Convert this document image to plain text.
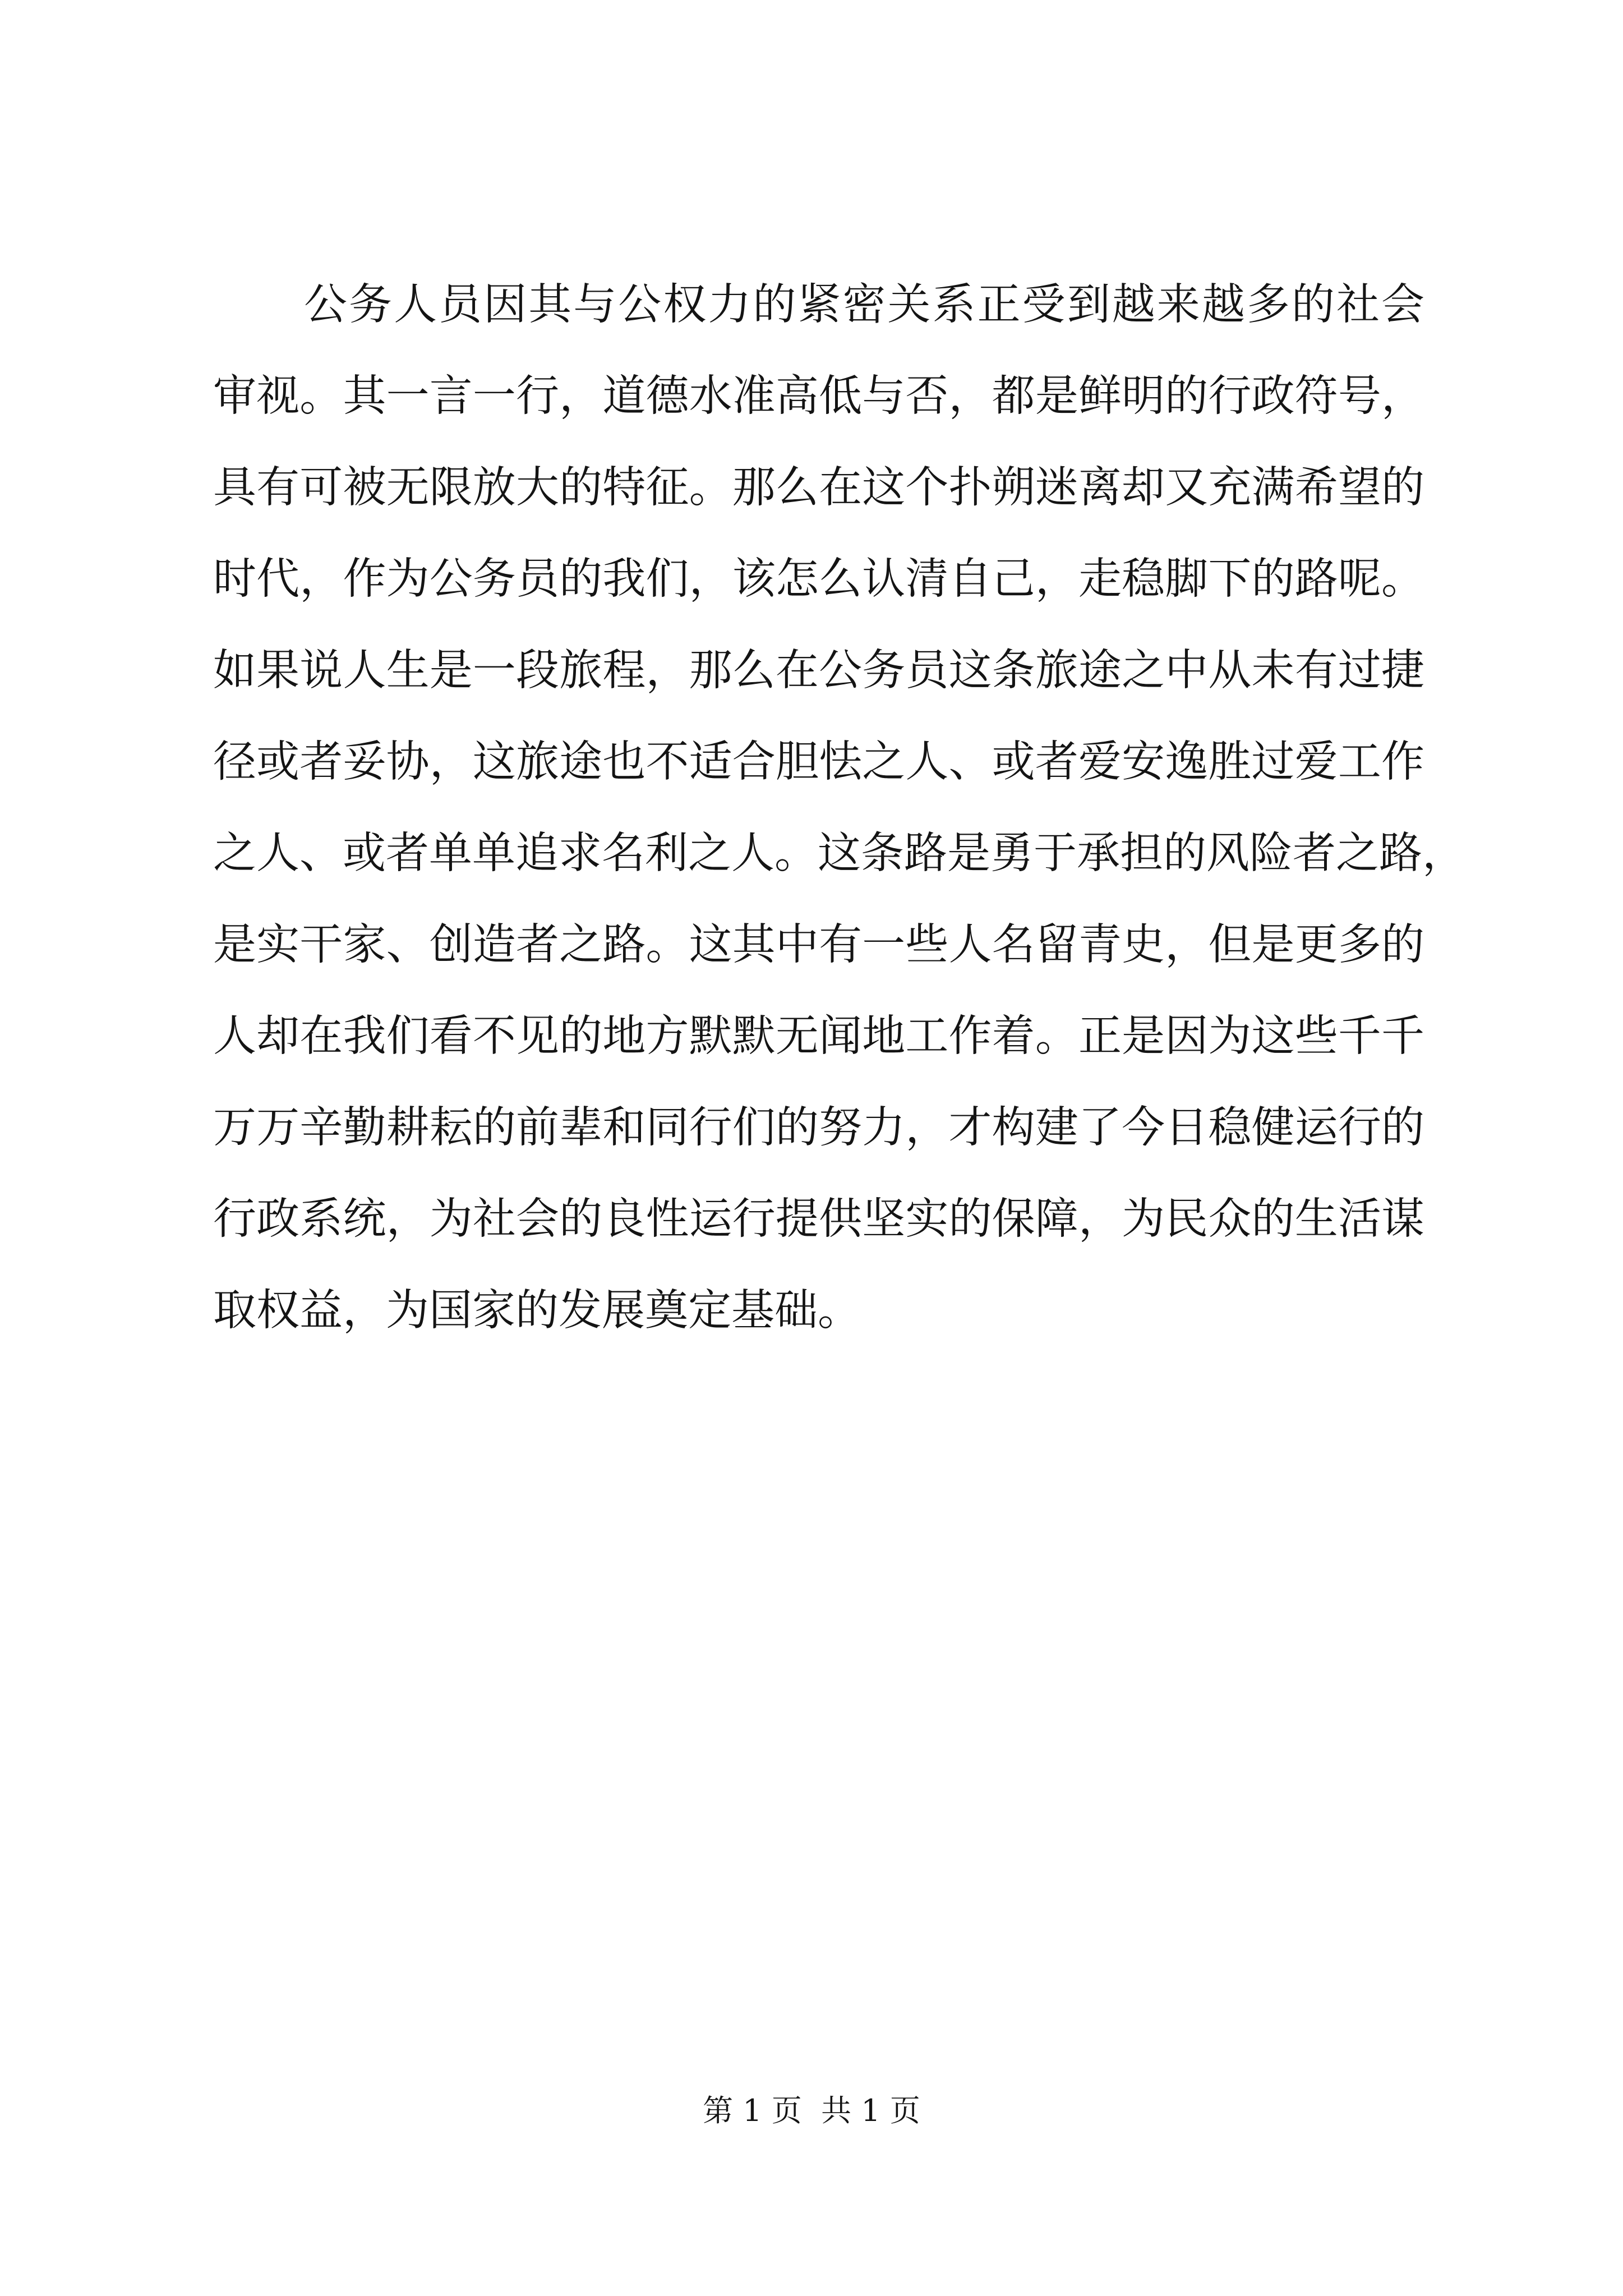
公务人员因其与公权力的紧密关系正受到越来越多的社会
审视。其一言一行，道德水准高低与否，都是鲜明的行政符号，
具有可被无限放大的特征。那么在这个扑朔迷离却又充满希望的
时代，作为公务员的我们，该怎么认清自己，走稳脚下的路呢。
如果说人生是一段旅程，那么在公务员这条旅途之中从未有过捷
径或者妥协，这旅途也不适合胆怯之人、或者爱安逸胜过爱工作
之人、或者单单追求名利之人。这条路是勇于承担的风险者之路，
是实干家、创造者之路。这其中有一些人名留青史，但是更多的
人却在我们看不见的地方默默无闻地工作着。正是因为这些千千
万万辛勤耕耘的前辈和同行们的努力，才构建了今日稳健运行的
行政系统，为社会的良性运行提供坚实的保障，为民众的生活谋
取权益，为国家的发展奠定基础。
第 1 页  共 1 页
